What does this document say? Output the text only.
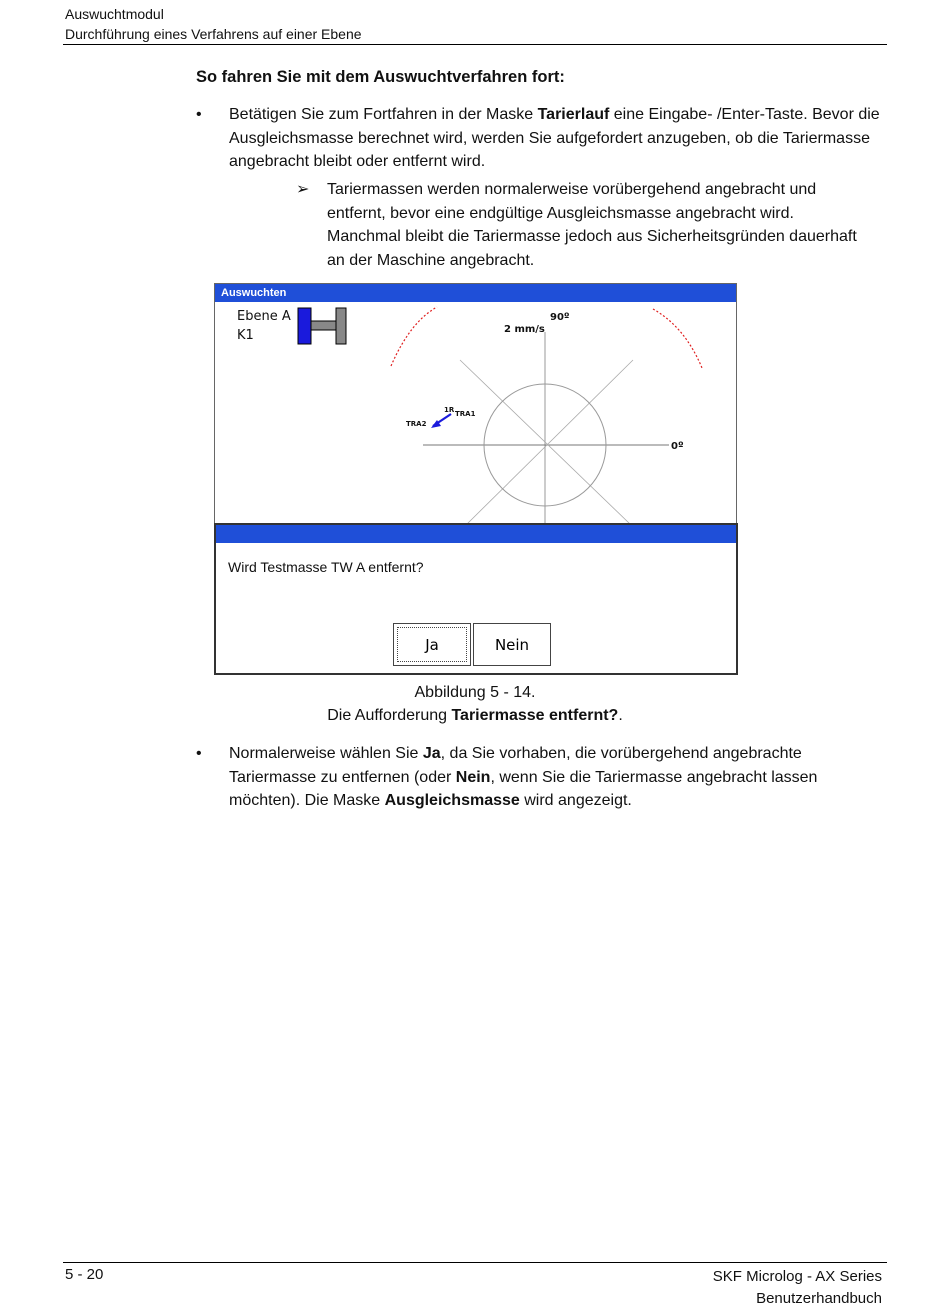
Auswuchtmodul
Durchführung eines Verfahrens auf einer Ebene
So fahren Sie mit dem Auswuchtverfahren fort:
• Betätigen Sie zum Fortfahren in der Maske Tarierlauf eine Eingabe- /Enter-Taste. Bevor die Ausgleichsmasse berechnet wird, werden Sie aufgefordert anzugeben, ob die Tariermasse angebracht bleibt oder entfernt wird.
➢ Tariermassen werden normalerweise vorübergehend angebracht und entfernt, bevor eine endgültige Ausgleichsmasse angebracht wird. Manchmal bleibt die Tariermasse jedoch aus Sicherheitsgründen dauerhaft an der Maschine angebracht.
Auswuchten
Ebene A
K1
90º
2 mm/s
0º
1R TRA1
TRA2
Wird Testmasse TW A entfernt?
Ja	Nein
Abbildung 5 - 14.
Die Aufforderung Tariermasse entfernt?.
• Normalerweise wählen Sie Ja, da Sie vorhaben, die vorübergehend angebrachte Tariermasse zu entfernen (oder Nein, wenn Sie die Tariermasse angebracht lassen möchten). Die Maske Ausgleichsmasse wird angezeigt.
5 - 20	SKF Microlog - AX Series
Benutzerhandbuch
